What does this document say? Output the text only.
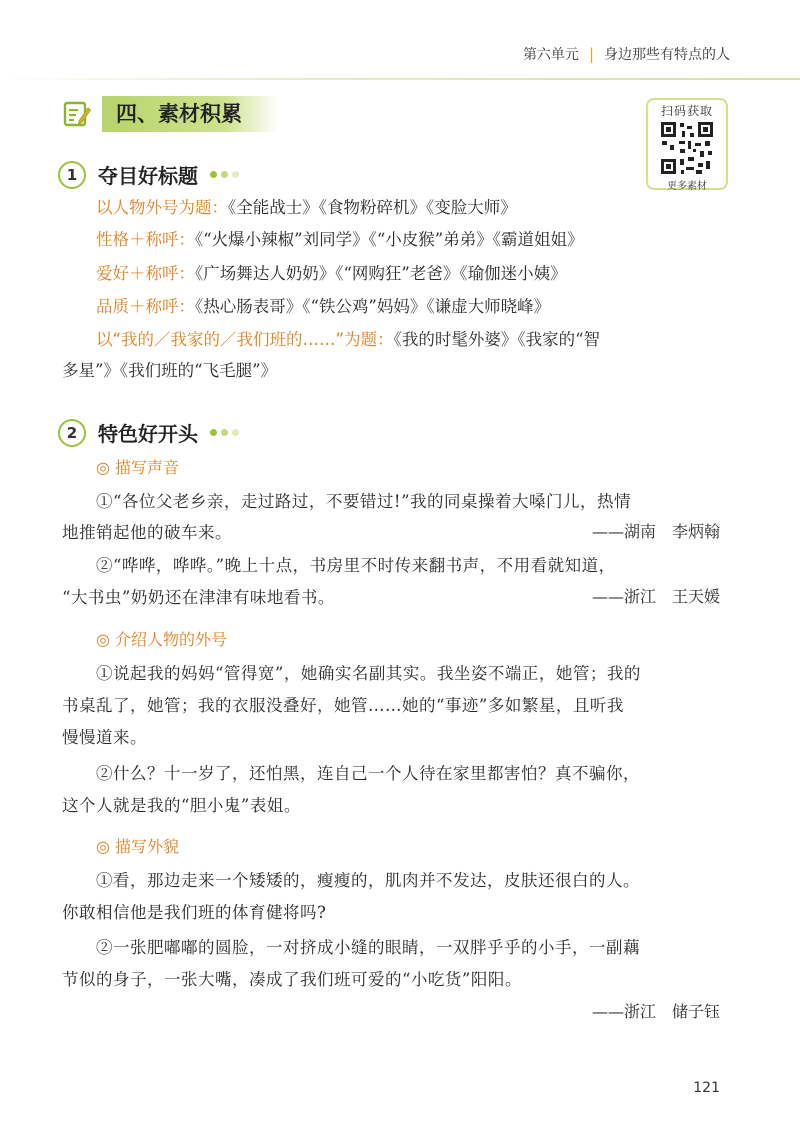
第六单元 | 身边那些有特点的人
四、素材积累	扫码获取
更多素材
1	夺目好标题
以人物外号为题：《全能战士》《食物粉碎机》《变脸大师》
性格＋称呼：《“火爆小辣椒”刘同学》《“小皮猴”弟弟》《霸道姐姐》
爱好＋称呼：《广场舞达人奶奶》《“网购狂”老爸》《瑜伽迷小姨》
品质＋称呼：《热心肠表哥》《“铁公鸡”妈妈》《谦虚大师晓峰》
以“我的／我家的／我们班的……”为题：《我的时髦外婆》《我家的“智
多星”》《我们班的“飞毛腿”》
2	特色好开头
◎ 描写声音
①“各位父老乡亲，走过路过，不要错过!”我的同桌操着大嗓门儿，热情
地推销起他的破车来。	——湖南　李炳翰
②“哗哗，哗哗。”晚上十点，书房里不时传来翻书声，不用看就知道，
“大书虫”奶奶还在津津有味地看书。	——浙江　王天媛
◎ 介绍人物的外号
①说起我的妈妈“管得宽”，她确实名副其实。我坐姿不端正，她管；我的
书桌乱了，她管；我的衣服没叠好，她管……她的“事迹”多如繁星，且听我
慢慢道来。
②什么？十一岁了，还怕黑，连自己一个人待在家里都害怕？真不骗你，
这个人就是我的“胆小鬼”表姐。
◎ 描写外貌
①看，那边走来一个矮矮的，瘦瘦的，肌肉并不发达，皮肤还很白的人。
你敢相信他是我们班的体育健将吗?
②一张肥嘟嘟的圆脸，一对挤成小缝的眼睛，一双胖乎乎的小手，一副藕
节似的身子，一张大嘴，凑成了我们班可爱的“小吃货”阳阳。
——浙江　储子钰
121
